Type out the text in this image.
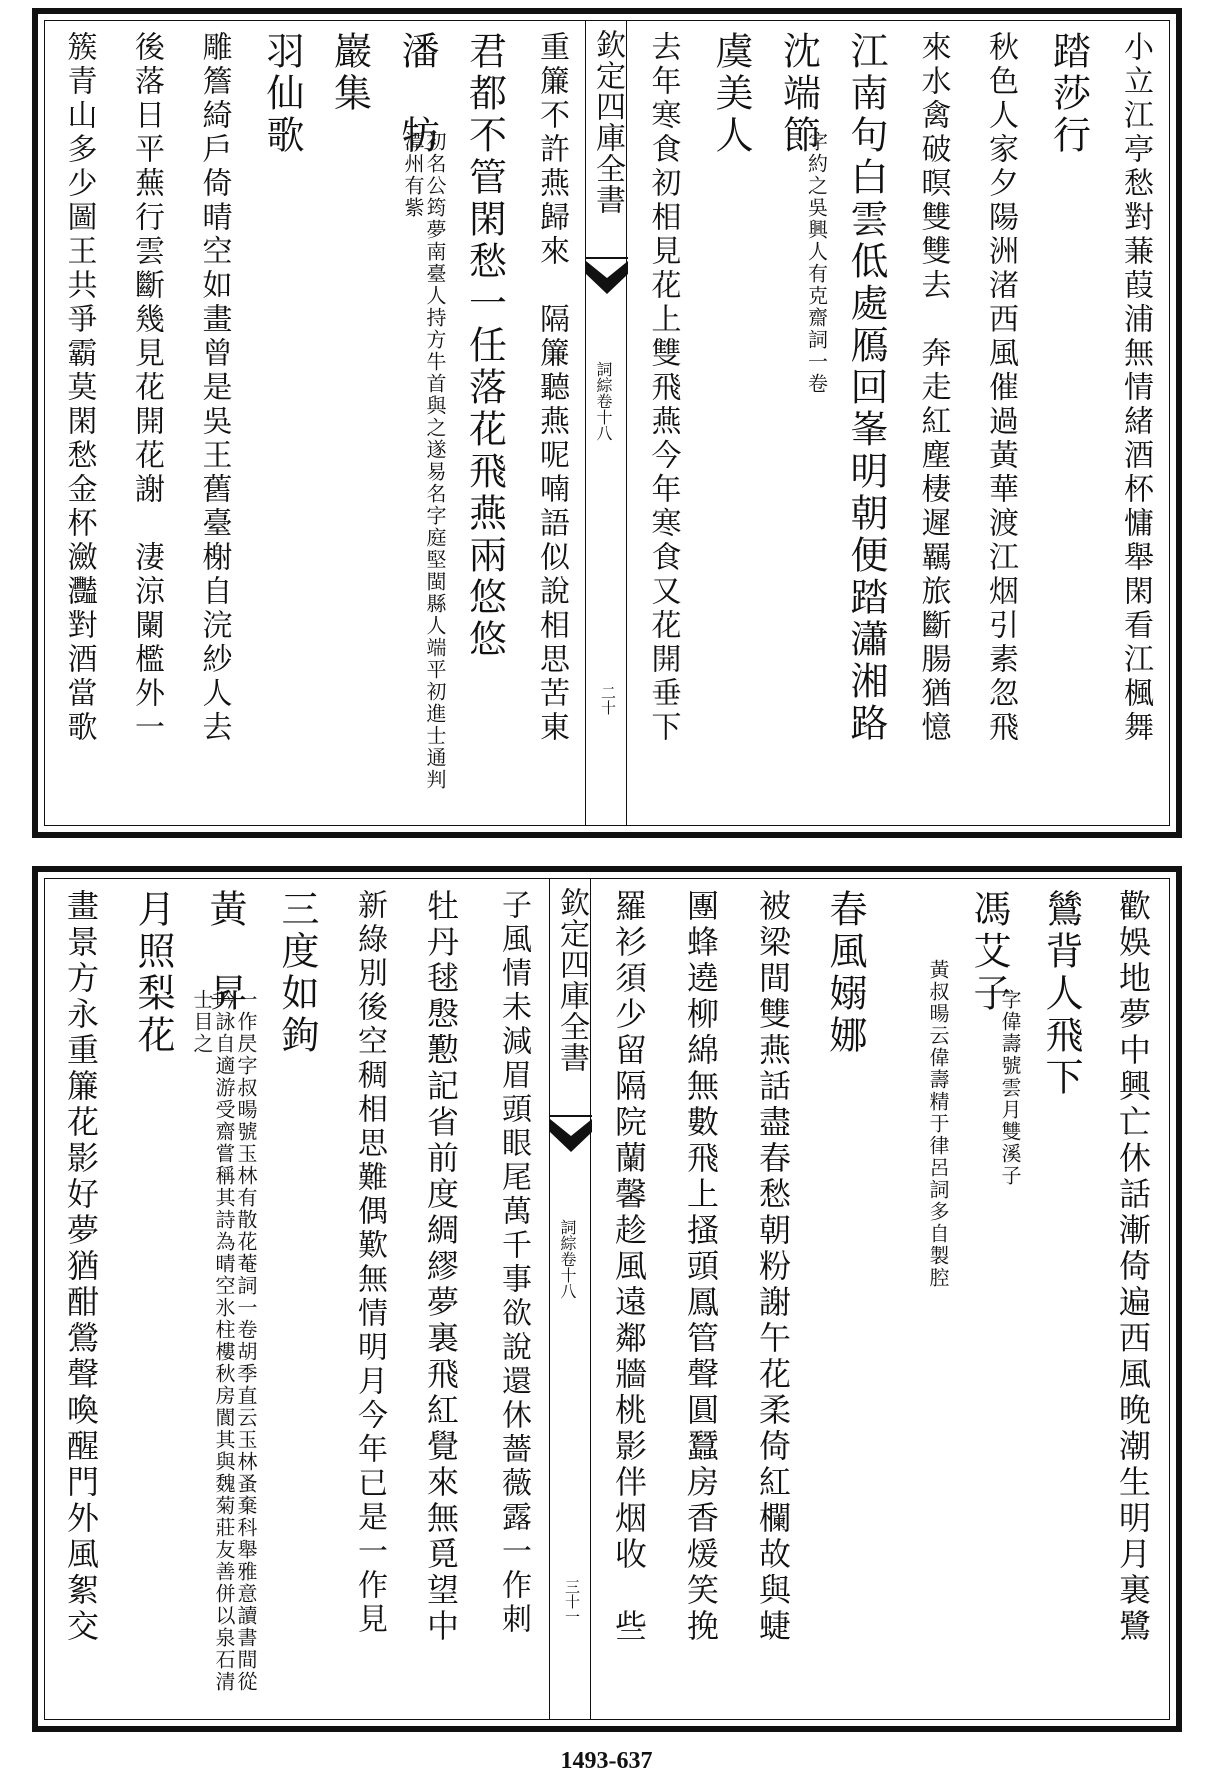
小立江亭愁對蒹葭浦無情緒酒杯慵舉閑看江楓舞
踏莎行
秋色人家夕陽洲渚西風催過黃華渡江烟引素忽飛
來水禽破暝雙雙去　奔走紅塵棲遲羈旅斷腸猶憶
江南句白雲低處鴈回峯明朝便踏瀟湘路
沈端節
字約之吳興人有克齋詞一卷
虞美人
去年寒食初相見花上雙飛燕今年寒食又花開垂下
欽定四庫全書
詞綜卷十八
二十
重簾不許燕歸來　隔簾聽燕呢喃語似說相思苦東
君都不管閑愁一任落花飛燕兩悠悠
潘　牥
初名公筠夢南臺人持方牛首與之遂易名字庭堅閩縣人端平初進士通判潭州有紫
巖集
羽仙歌
雕簷綺戶倚晴空如畫曾是吳王舊臺榭自浣紗人去
後落日平蕪行雲斷幾見花開花謝　淒涼闌檻外一
簇青山多少圖王共爭霸莫閑愁金杯瀲灩對酒當歌
歡娛地夢中興亡休話漸倚遍西風晚潮生明月裏鷺
鷥背人飛下
馮艾子
字偉壽號雲月雙溪子
黃叔暘云偉壽精于律呂詞多自製腔
春風嫋娜
被梁間雙燕話盡春愁朝粉謝午花柔倚紅欄故與蜨
團蜂遶柳綿無數飛上搔頭鳳管聲圓蠶房香煖笑挽
羅衫須少留隔院蘭馨趁風遠鄰牆桃影伴烟收　些
欽定四庫全書
詞綜卷十八
三十一
子風情未減眉頭眼尾萬千事欲說還休薔薇露一作刺
牡丹毬慇懃記省前度綢繆夢裏飛紅覺來無覓望中
新綠別後空稠相思難偶歎無情明月今年已是一作見
三度如鉤
黃　昇
一作昃字叔暘號玉林有散花菴詞一卷胡季直云玉林蚤棄科舉雅意讀書間從吟詠自適游受齋嘗稱其詩為晴空氷柱樓秋房閬其與魏菊莊友善併以泉石清士目之
月照梨花
畫景方永重簾花影好夢猶酣鶯聲喚醒門外風絮交
1493-637
